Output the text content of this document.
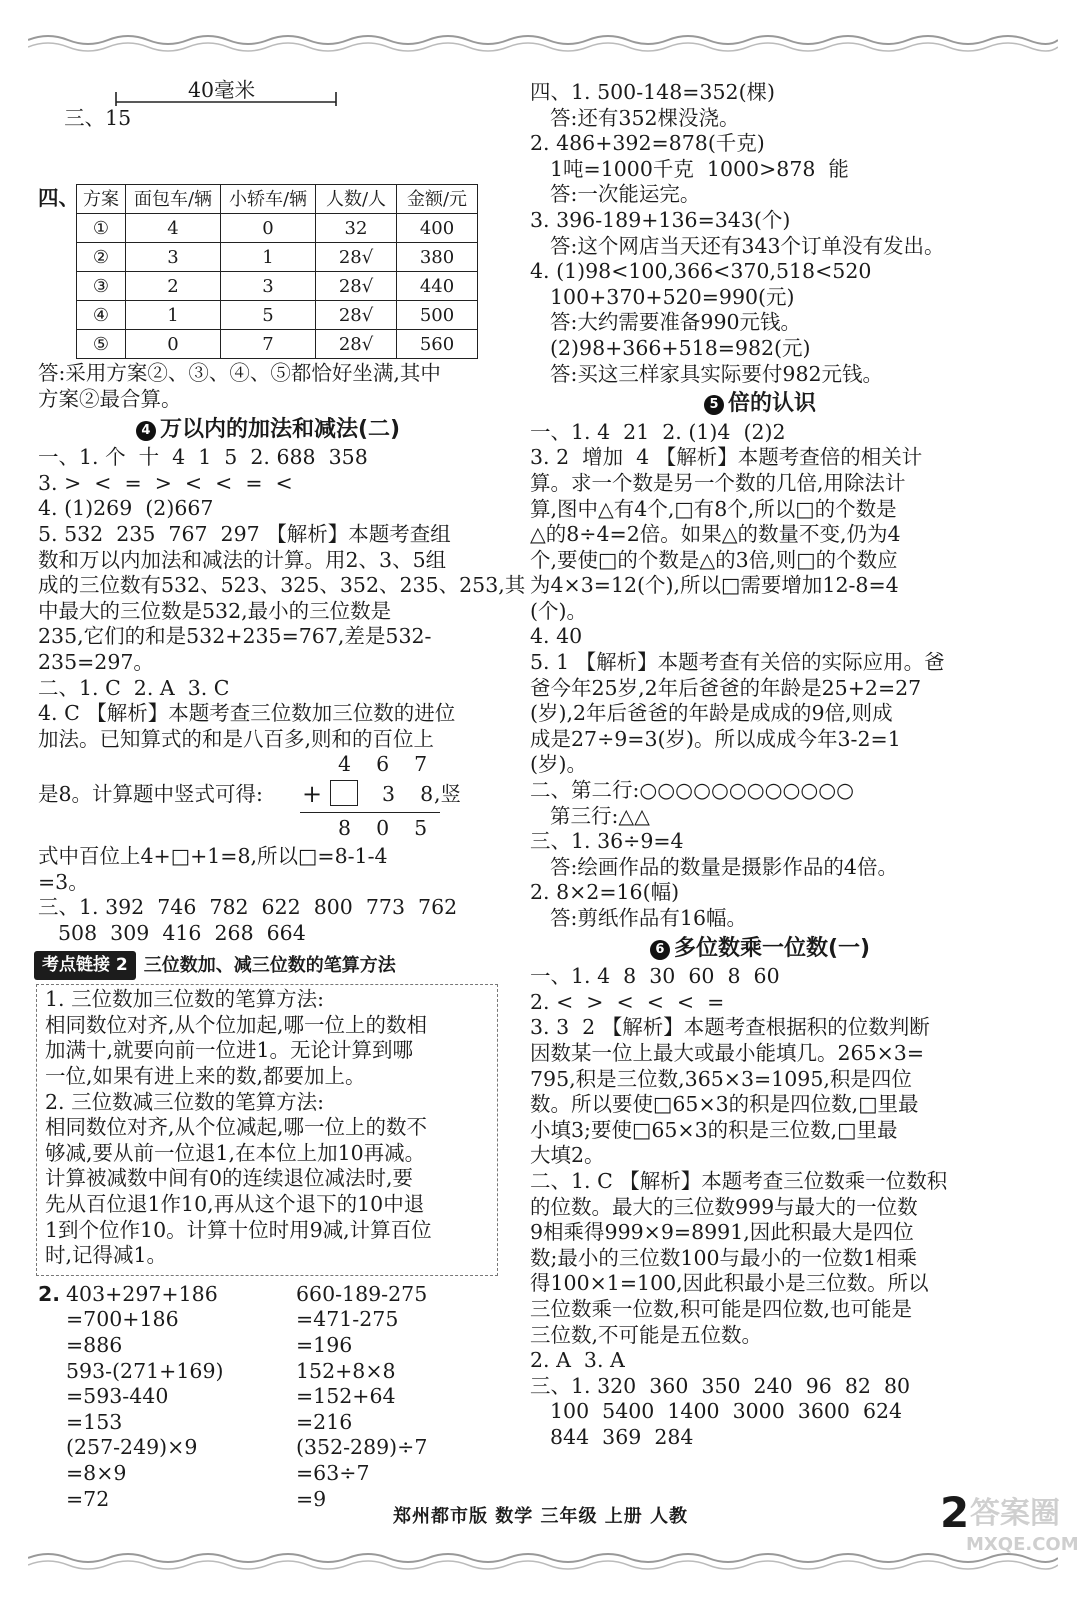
三、15

40毫米

四、 方案	面包车/辆	小轿车/辆	人数/人	金额/元
①	4	0	32	400
②	3	1	28√	380
③	2	3	28√	440
④	1	5	28√	500
⑤	0	7	28√	560
答:采用方案②、③、④、⑤都恰好坐满,其中
方案②最合算。
4 万以内的加法和减法(二)
一、1. 个  十  4  1  5  2. 688  358
3. >  <  =  >  <  <  =  <
4. (1)269  (2)667
5. 532  235  767  297 【解析】本题考查组
数和万以内加法和减法的计算。用2、3、5组
成的三位数有532、523、325、352、235、253,其
中最大的三位数是532,最小的三位数是
235,它们的和是532+235=767,差是532-
235=297。
二、1. C  2. A  3. C
4. C 【解析】本题考查三位数加三位数的进位
加法。已知算式的和是八百多,则和的百位上
4  6  7
是8。计算题中竖式可得: +	3  8
,竖
8  0  5
式中百位上4+□+1=8,所以□=8-1-4
=3。
三、1. 392  746  782  622  800  773  762
508  309  416  268  664
考点链接 2 三位数加、减三位数的笔算方法
1. 三位数加三位数的笔算方法:
相同数位对齐,从个位加起,哪一位上的数相
加满十,就要向前一位进1。无论计算到哪
一位,如果有进上来的数,都要加上。
2. 三位数减三位数的笔算方法:
相同数位对齐,从个位减起,哪一位上的数不
够减,要从前一位退1,在本位上加10再减。
计算被减数中间有0的连续退位减法时,要
先从百位退1作10,再从这个退下的10中退
1到个位作10。计算十位时用9减,计算百位
时,记得减1。
2. 403+297+186
=700+186
=886
593-(271+169)
=593-440
=153
(257-249)×9
=8×9
=72
660-189-275
=471-275
=196
152+8×8
=152+64
=216
(352-289)÷7
=63÷7
=9
四、1. 500-148=352(棵)
答:还有352棵没浇。
2. 486+392=878(千克)
1吨=1000千克  1000>878  能
答:一次能运完。
3. 396-189+136=343(个)
答:这个网店当天还有343个订单没有发出。
4. (1)98<100,366<370,518<520
100+370+520=990(元)
答:大约需要准备990元钱。
(2)98+366+518=982(元)
答:买这三样家具实际要付982元钱。
5 倍的认识
一、1. 4  21  2. (1)4  (2)2
3. 2  增加  4 【解析】本题考查倍的相关计
算。求一个数是另一个数的几倍,用除法计
算,图中△有4个,□有8个,所以□的个数是
△的8÷4=2倍。如果△的数量不变,仍为4
个,要使□的个数是△的3倍,则□的个数应
为4×3=12(个),所以□需要增加12-8=4
(个)。
4. 40
5. 1 【解析】本题考查有关倍的实际应用。爸
爸今年25岁,2年后爸爸的年龄是25+2=27
(岁),2年后爸爸的年龄是成成的9倍,则成
成是27÷9=3(岁)。所以成成今年3-2=1
(岁)。
二、第二行:○○○○○○○○○○○○
第三行:△△
三、1. 36÷9=4
答:绘画作品的数量是摄影作品的4倍。
2. 8×2=16(幅)
答:剪纸作品有16幅。
6 多位数乘一位数(一)
一、1. 4  8  30  60  8  60
2. <  >  <  <  <  =
3. 3  2 【解析】本题考查根据积的位数判断
因数某一位上最大或最小能填几。265×3=
795,积是三位数,365×3=1095,积是四位
数。所以要使□65×3的积是四位数,□里最
小填3;要使□65×3的积是三位数,□里最
大填2。
二、1. C 【解析】本题考查三位数乘一位数积
的位数。最大的三位数999与最大的一位数
9相乘得999×9=8991,因此积最大是四位
数;最小的三位数100与最小的一位数1相乘
得100×1=100,因此积最小是三位数。所以
三位数乘一位数,积可能是四位数,也可能是
三位数,不可能是五位数。
2. A  3. A
三、1. 320  360  350  240  96  82  80
100  5400  1400  3000  3600  624
844  369  284
郑州都市版 数学 三年级 上册 人教	2 答案圈
MXQE.COM
